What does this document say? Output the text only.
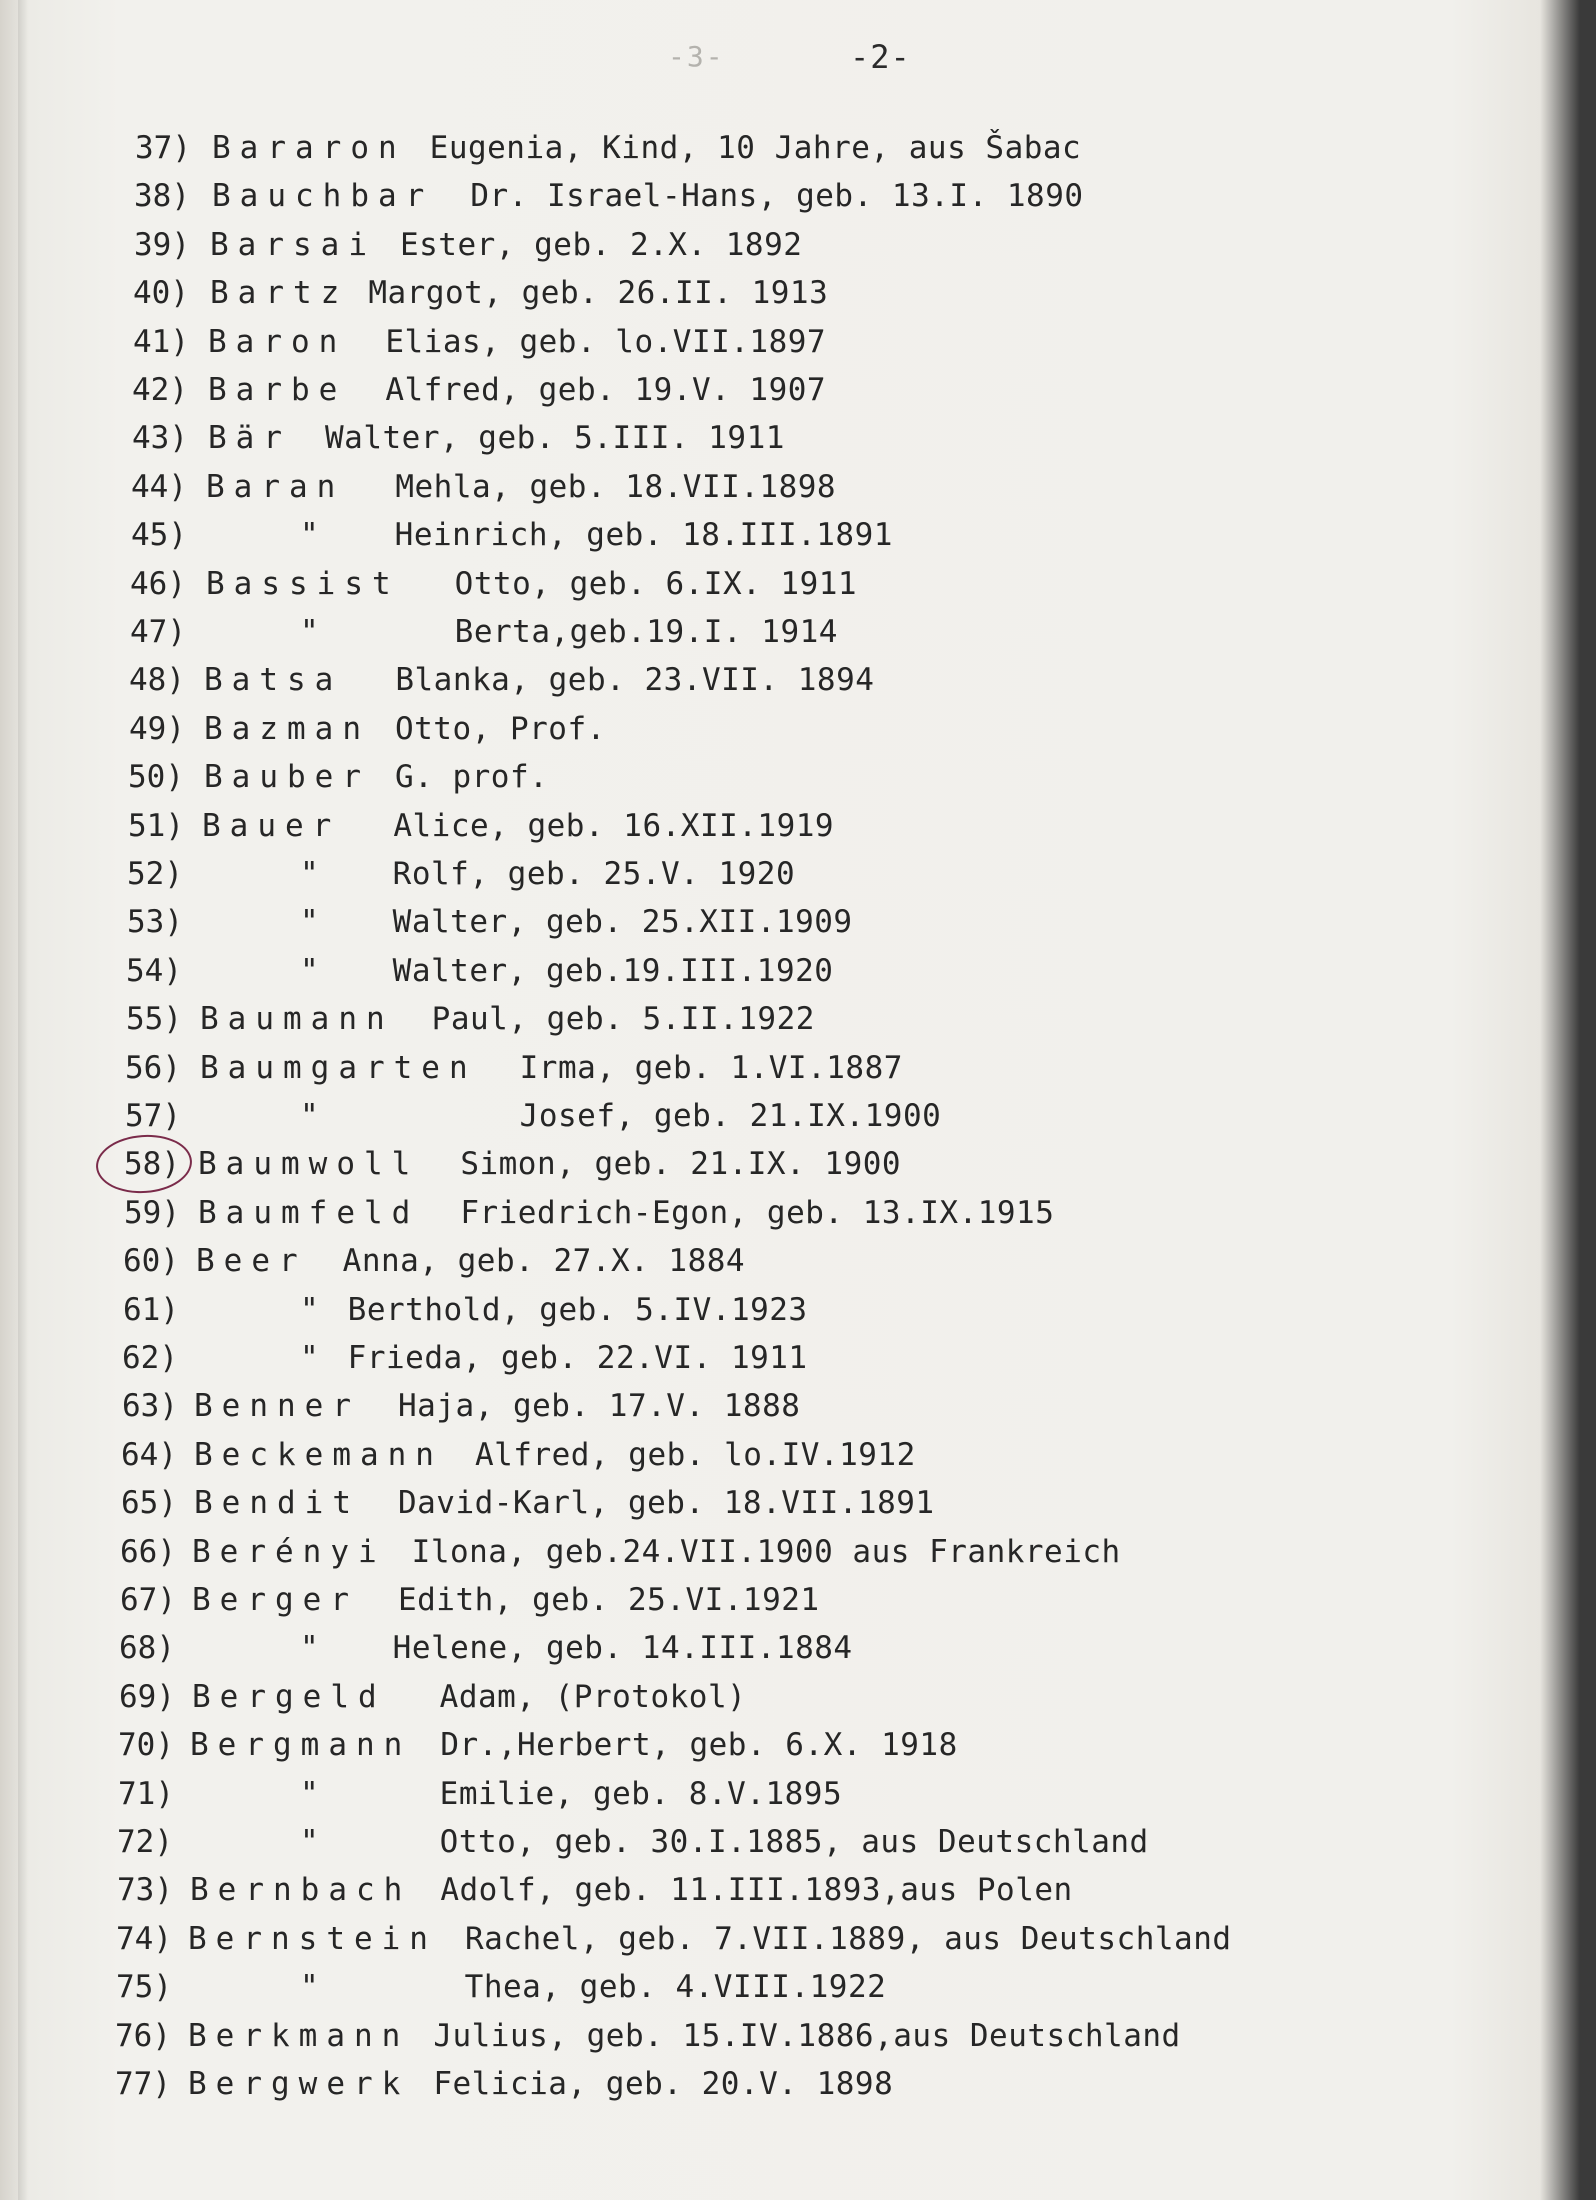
-3-	-2-
37) Bararon Eugenia, Kind, 10 Jahre, aus Šabac
38) Bauchbar Dr. Israel-Hans, geb. 13.I. 1890
39) Barsai Ester, geb. 2.X. 1892
40) Bartz Margot, geb. 26.II. 1913
41) Baron Elias, geb. lo.VII.1897
42) Barbe Alfred, geb. 19.V. 1907
43) Bär Walter, geb. 5.III. 1911
44) Baran Mehla, geb. 18.VII.1898
45)	" Heinrich, geb. 18.III.1891
46) Bassist Otto, geb. 6.IX. 1911
47)	"	Berta,geb.19.I. 1914
48) Batsa Blanka, geb. 23.VII. 1894
49) Bazman Otto, Prof.
50) Bauber G. prof.
51) Bauer Alice, geb. 16.XII.1919
52)	" Rolf, geb. 25.V. 1920
53)	" Walter, geb. 25.XII.1909
54)	" Walter, geb.19.III.1920
55) Baumann Paul, geb. 5.II.1922
56) Baumgarten Irma, geb. 1.VI.1887
57)	"	Josef, geb. 21.IX.1900
58) Baumwoll Simon, geb. 21.IX. 1900
59) Baumfeld Friedrich-Egon, geb. 13.IX.1915
60) Beer Anna, geb. 27.X. 1884
61)	" Berthold, geb. 5.IV.1923
62)	" Frieda, geb. 22.VI. 1911
63) Benner Haja, geb. 17.V. 1888
64) Beckemann Alfred, geb. lo.IV.1912
65) Bendit David-Karl, geb. 18.VII.1891
66) Berényi Ilona, geb.24.VII.1900 aus Frankreich
67) Berger Edith, geb. 25.VI.1921
68)	" Helene, geb. 14.III.1884
69) Bergeld Adam, (Protokol)
70) Bergmann Dr.,Herbert, geb. 6.X. 1918
71)	"	Emilie, geb. 8.V.1895
72)	"	Otto, geb. 30.I.1885, aus Deutschland
73) Bernbach Adolf, geb. 11.III.1893,aus Polen
74) Bernstein Rachel, geb. 7.VII.1889, aus Deutschland
75)	"	Thea, geb. 4.VIII.1922
76) Berkmann Julius, geb. 15.IV.1886,aus Deutschland
77) Bergwerk Felicia, geb. 20.V. 1898
